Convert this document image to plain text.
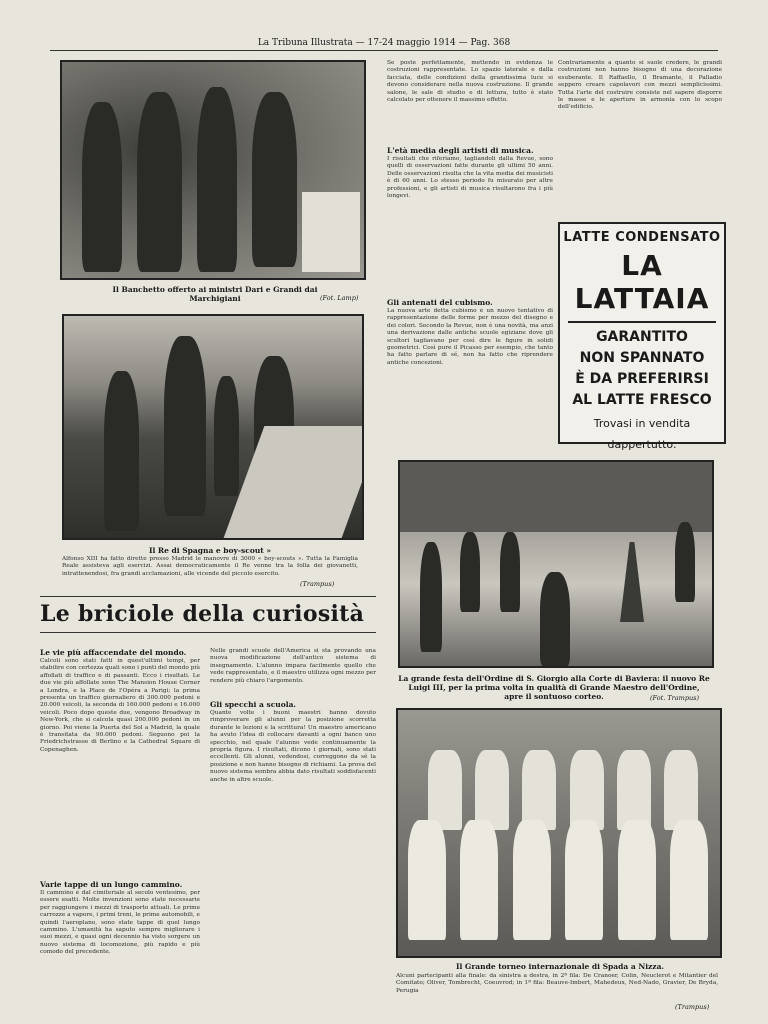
La Tribuna Illustrata — 17-24 maggio 1914 — Pag. 368
Il Banchetto offerto ai ministri Dari e Grandi dai Marchigiani	(Fot. Lamp)
Il Re di Spagna e boy-scout »
Alfonso XIII ha fatto dirette presso Madrid le manovre di 3000 « boy-scouts ». Tutta la Famiglia Reale assisteva agli esercizi. Assai democraticamente il Re venne tra la folla dei giovanetti, intrattenendosi, fra grandi acclamazioni, alle vicende del piccolo esercito.
(Trampus)
Le briciole della curiosità
Le vie più affaccendate del mondo.
Calcoli sono stati fatti in quest'ultimi tempi, per stabilire con certezza quali sono i punti del mondo più affollati di traffico e di passanti. Ecco i risultati. Le due vie più affollate sono The Mansion House Corner a Londra, e la Place de l'Opéra a Parigi; la prima presenta un traffico giornaliero di 300.000 pedoni e 20.000 veicoli, la seconda di 160.000 pedoni e 16.000 veicoli. Poco dopo queste due, vengono Broadway in New-York, che si calcola quasi 200.000 pedoni in un giorno. Poi viene la Puerta del Sol a Madrid, la quale è transitata da 90.000 pedoni. Seguono poi la Friedrichstrasse di Berlino e la Cathedral Square di Copenaghen.
Varie tappe di un lungo cammino.
Il cammino è dal cimiteriale al secolo ventesimo, per essere esatti. Molte invenzioni sono state necessarie per raggiungere i mezzi di trasporto attuali. Le prime carrozze a vapore, i primi treni, le prime automobili, e quindi l'aeroplano, sono state tappe di quel lungo cammino. L'umanità ha saputo sempre migliorare i suoi mezzi, e quasi ogni decennio ha visto sorgere un nuovo sistema di locomozione, più rapido e più comodo del precedente.
Nelle grandi scuole dell'America si sta provando una nuova modificazione dell'antico sistema di insegnamento. L'alunno impara facilmente quello che vede rappresentato, e il maestro utilizza ogni mezzo per rendere più chiaro l'argomento.
Gli specchi a scuola.
Quante volte i buoni maestri hanno dovuto rimproverare gli alunni per la posizione scorretta durante le lezioni e la scrittura! Un maestro americano ha avuto l'idea di collocare davanti a ogni banco uno specchio, nel quale l'alunno vede continuamente la propria figura. I risultati, dicono i giornali, sono stati eccellenti. Gli alunni, vedendosi, correggono da sé la posizione e non hanno bisogno di richiami. La prova del nuovo sistema sembra abbia dato risultati soddisfacenti anche in altre scuole.
Se poste perfettamente, mettendo in evidenza le costruzioni rappresentate. Lo spazio laterale e dalla facciata, delle condizioni della grandissima luce si devono considerare nella nuova costruzione. Il grande salone, le sale di studio e di lettura, tutto è stato calcolato per ottenere il massimo effetto.
L'età media degli artisti di musica.
I risultati che riferiamo, tagliandoli dalla Revue, sono quelli di osservazioni fatte durante gli ultimi 50 anni. Delle osservazioni risulta che la vita media dei musicisti è di 60 anni. Lo stesso periodo fu misurato per altre professioni, e gli artisti di musica risultarono fra i più longevi.
Gli antenati del cubismo.
La nuova arte detta cubismo è un nuovo tentativo di rappresentazione delle forme per mezzo del disegno e dei colori. Secondo la Revue, non è una novità, ma anzi una derivazione dalle antiche scuole egiziane dove gli scultori tagliavano per così dire le figure in solidi geometrici. Così pure il Picasso per esempio, che tanto ha fatto parlare di sé, non ha fatto che riprendere antiche concezioni.
Contrariamente a quanto si suole credere, le grandi costruzioni non hanno bisogno di una decorazione esuberante. Il Raffaello, il Bramante, il Palladio seppero creare capolavori con mezzi semplicissimi. Tutta l'arte del costruire consiste nel sapere disporre le masse e le aperture in armonia con lo scopo dell'edificio.
LATTE CONDENSATO
LA LATTAIA
GARANTITO
NON SPANNATO
È DA PREFERIRSI
AL LATTE FRESCO
Trovasi in vendita
dappertutto.
La grande festa dell'Ordine di S. Giorgio alla Corte di Baviera: il nuovo Re Luigi III, per la prima volta in qualità di Grande Maestro dell'Ordine, apre il sontuoso corteo.	(Fot. Trampus)
Il Grande torneo internazionale di Spada a Nizza.
Alcuni partecipanti alla finale: da sinistra a destra, in 2ª fila: De Cranoer, Colin, Neuclerot e Mitantier del Comitato; Oliver, Tombrecht, Coeuvrod; in 1ª fila: Beauve-Imbert, Mahedeux, Ned-Nado, Gravier, De Bryda, Perugia
(Trampus)
